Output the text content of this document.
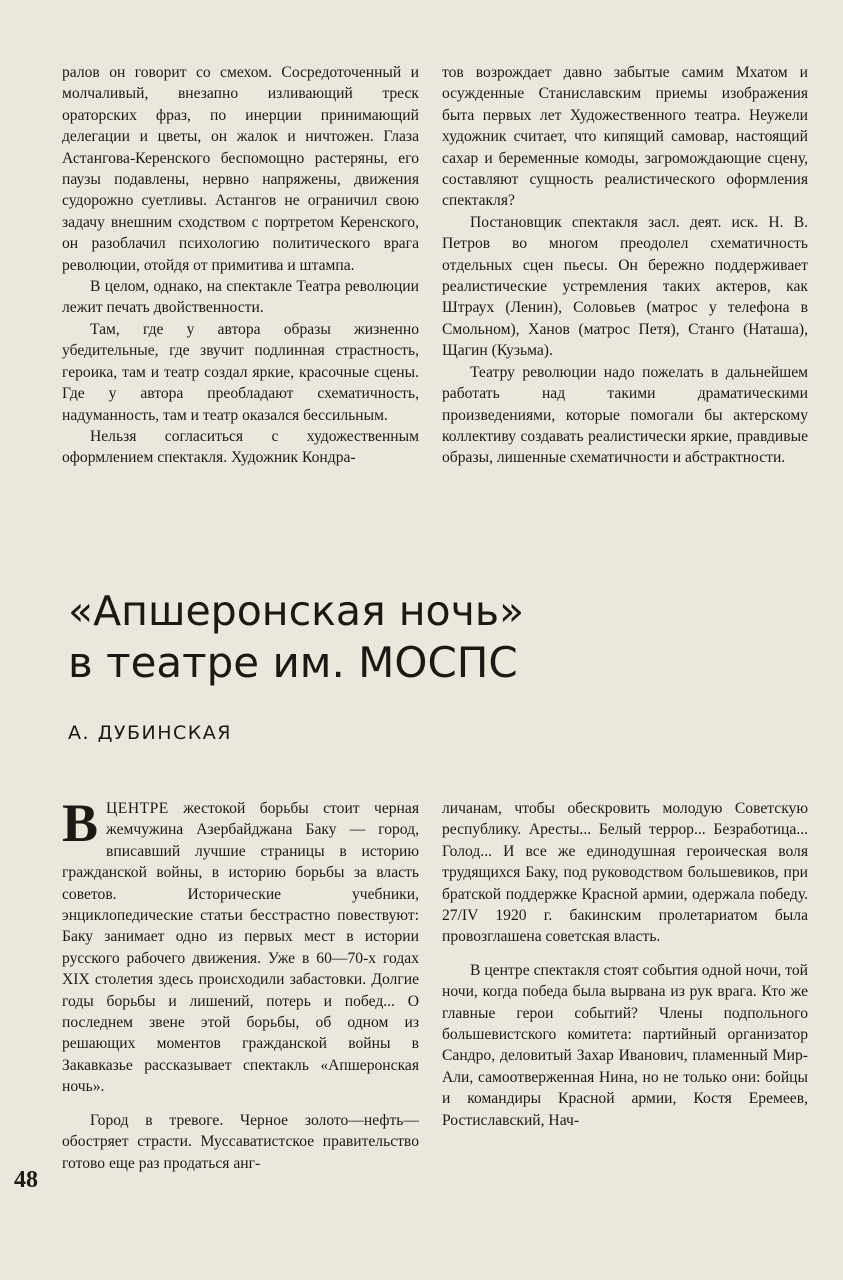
ралов он говорит со смехом. Сосредоточенный и молчаливый, внезапно изливающий треск ораторских фраз, по инерции принимающий делегации и цветы, он жалок и ничтожен. Глаза Астангова-Керенского беспомощно растеряны, его паузы подавлены, нервно напряжены, движения судорожно суетливы. Астангов не ограничил свою задачу внешним сходством с портретом Керенского, он разоблачил психологию политического врага революции, отойдя от примитива и штампа.

В целом, однако, на спектакле Театра революции лежит печать двойственности.

Там, где у автора образы жизненно убедительные, где звучит подлинная страстность, героика, там и театр создал яркие, красочные сцены. Где у автора преобладают схематичность, надуманность, там и театр оказался бессильным.

Нельзя согласиться с художественным оформлением спектакля. Художник Кондра-

тов возрождает давно забытые самим Мхатом и осужденные Станиславским приемы изображения быта первых лет Художественного театра. Неужели художник считает, что кипящий самовар, настоящий сахар и беременные комоды, загромождающие сцену, составляют сущность реалистического оформления спектакля?

Постановщик спектакля засл. деят. иск. Н. В. Петров во многом преодолел схематичность отдельных сцен пьесы. Он бережно поддерживает реалистические устремления таких актеров, как Штраух (Ленин), Соловьев (матрос у телефона в Смольном), Ханов (матрос Петя), Станго (Наташа), Щагин (Кузьма).

Театру революции надо пожелать в дальнейшем работать над такими драматическими произведениями, которые помогали бы актерскому коллективу создавать реалистически яркие, правдивые образы, лишенные схематичности и абстрактности.

«Апшеронская ночь»
в театре им. МОСПС
А. ДУБИНСКАЯ

ВЦЕНТРЕ жестокой борьбы стоит черная жемчужина Азербайджана Баку — город, вписавший лучшие страницы в историю гражданской войны, в историю борьбы за власть советов. Исторические учебники, энциклопедические статьи бесстрастно повествуют: Баку занимает одно из первых мест в истории русского рабочего движения. Уже в 60—70-х годах XIX столетия здесь происходили забастовки. Долгие годы борьбы и лишений, потерь и побед... О последнем звене этой борьбы, об одном из решающих моментов гражданской войны в Закавказье рассказывает спектакль «Апшеронская ночь».

Город в тревоге. Черное золото—нефть—обостряет страсти. Муссаватистское правительство готово еще раз продаться анг-

личанам, чтобы обескровить молодую Советскую республику. Аресты... Белый террор... Безработица... Голод... И все же единодушная героическая воля трудящихся Баку, под руководством большевиков, при братской поддержке Красной армии, одержала победу. 27/IV 1920 г. бакинским пролетариатом была провозглашена советская власть.

В центре спектакля стоят события одной ночи, той ночи, когда победа была вырвана из рук врага. Кто же главные герои событий? Члены подпольного большевистского комитета: партийный организатор Сандро, деловитый Захар Иванович, пламенный Мир-Али, самоотверженная Нина, но не только они: бойцы и командиры Красной армии, Костя Еремеев, Ростиславский, Нач-

48
